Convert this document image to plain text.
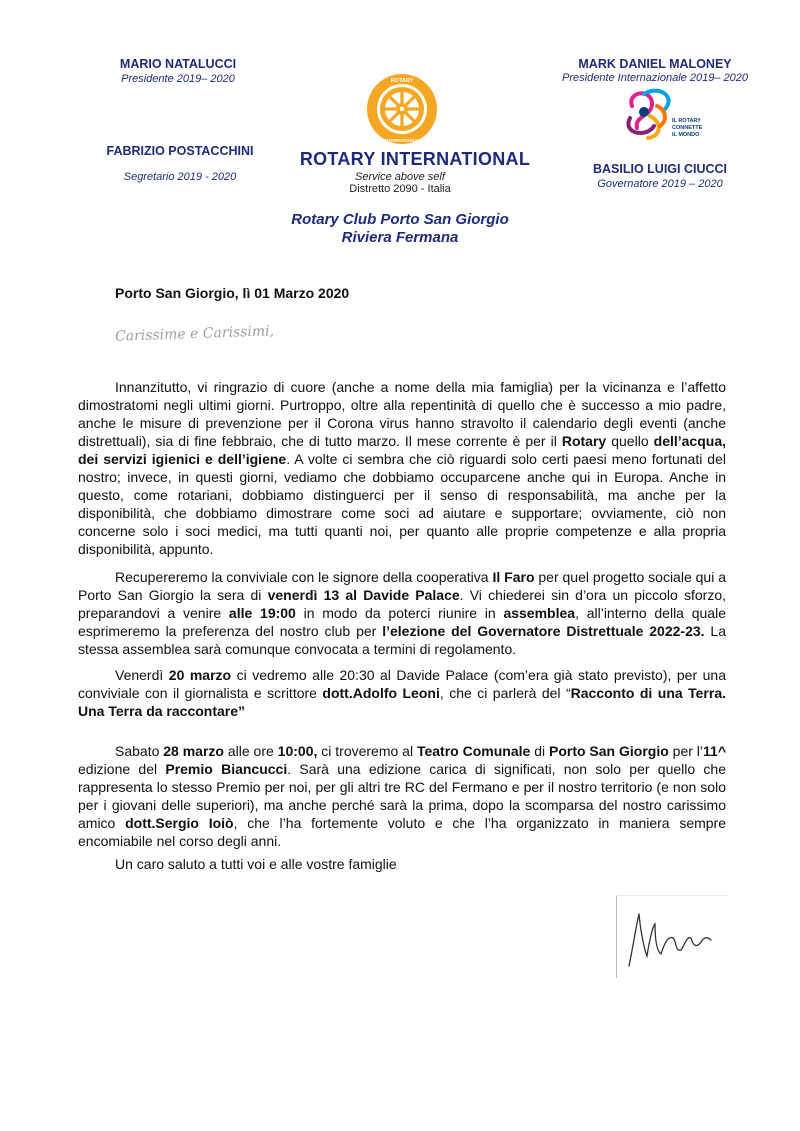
MARIO NATALUCCI
Presidente 2019– 2020
FABRIZIO POSTACCHINI
Segretario 2019 - 2020
MARK DANIEL MALONEY
Presidente Internazionale 2019– 2020
BASILIO LUIGI CIUCCI
Governatore 2019 – 2020
ROTARY
INTERNATIONAL
ROTARY INTERNATIONAL
Service above self
Distretto 2090 - Italia
Rotary Club Porto San Giorgio
Riviera Fermana
IL ROTARY
CONNETTE
IL MONDO
Porto San Giorgio, lì 01 Marzo 2020
Carissime e Carissimi,
Innanzitutto, vi ringrazio di cuore (anche a nome della mia famiglia) per la vicinanza e l’affetto dimostratomi negli ultimi giorni. Purtroppo, oltre alla repentinità di quello che è successo a mio padre, anche le misure di prevenzione per il Corona virus hanno stravolto il calendario degli eventi (anche distrettuali), sia di fine febbraio, che di tutto marzo. Il mese corrente è per il Rotary quello dell’acqua, dei servizi igienici e dell’igiene. A volte ci sembra che ciò riguardi solo certi paesi meno fortunati del nostro; invece, in questi giorni, vediamo che dobbiamo occuparcene anche qui in Europa. Anche in questo, come rotariani, dobbiamo distinguerci per il senso di responsabilità, ma anche per la disponibilità, che dobbiamo dimostrare come soci ad aiutare e supportare; ovviamente, ciò non concerne solo i soci medici, ma tutti quanti noi, per quanto alle proprie competenze e alla propria disponibilità, appunto.
Recupereremo la conviviale con le signore della cooperativa Il Faro per quel progetto sociale qui a Porto San Giorgio la sera di venerdì 13 al Davide Palace. Vi chiederei sin d’ora un piccolo sforzo, preparandovi a venire alle 19:00 in modo da poterci riunire in assemblea, all’interno della quale esprimeremo la preferenza del nostro club per l’elezione del Governatore Distrettuale 2022-23. La stessa assemblea sarà comunque convocata a termini di regolamento.
Venerdì 20 marzo ci vedremo alle 20:30 al Davide Palace (com’era già stato previsto), per una conviviale con il giornalista e scrittore dott.Adolfo Leoni, che ci parlerà del “Racconto di una Terra. Una Terra da raccontare”
Sabato 28 marzo alle ore 10:00, ci troveremo al Teatro Comunale di Porto San Giorgio per l’11^ edizione del Premio Biancucci. Sarà una edizione carica di significati, non solo per quello che rappresenta lo stesso Premio per noi, per gli altri tre RC del Fermano e per il nostro territorio (e non solo per i giovani delle superiori), ma anche perché sarà la prima, dopo la scomparsa del nostro carissimo amico dott.Sergio Ioiò, che l’ha fortemente voluto e che l’ha organizzato in maniera sempre encomiabile nel corso degli anni.
Un caro saluto a tutti voi e alle vostre famiglie
